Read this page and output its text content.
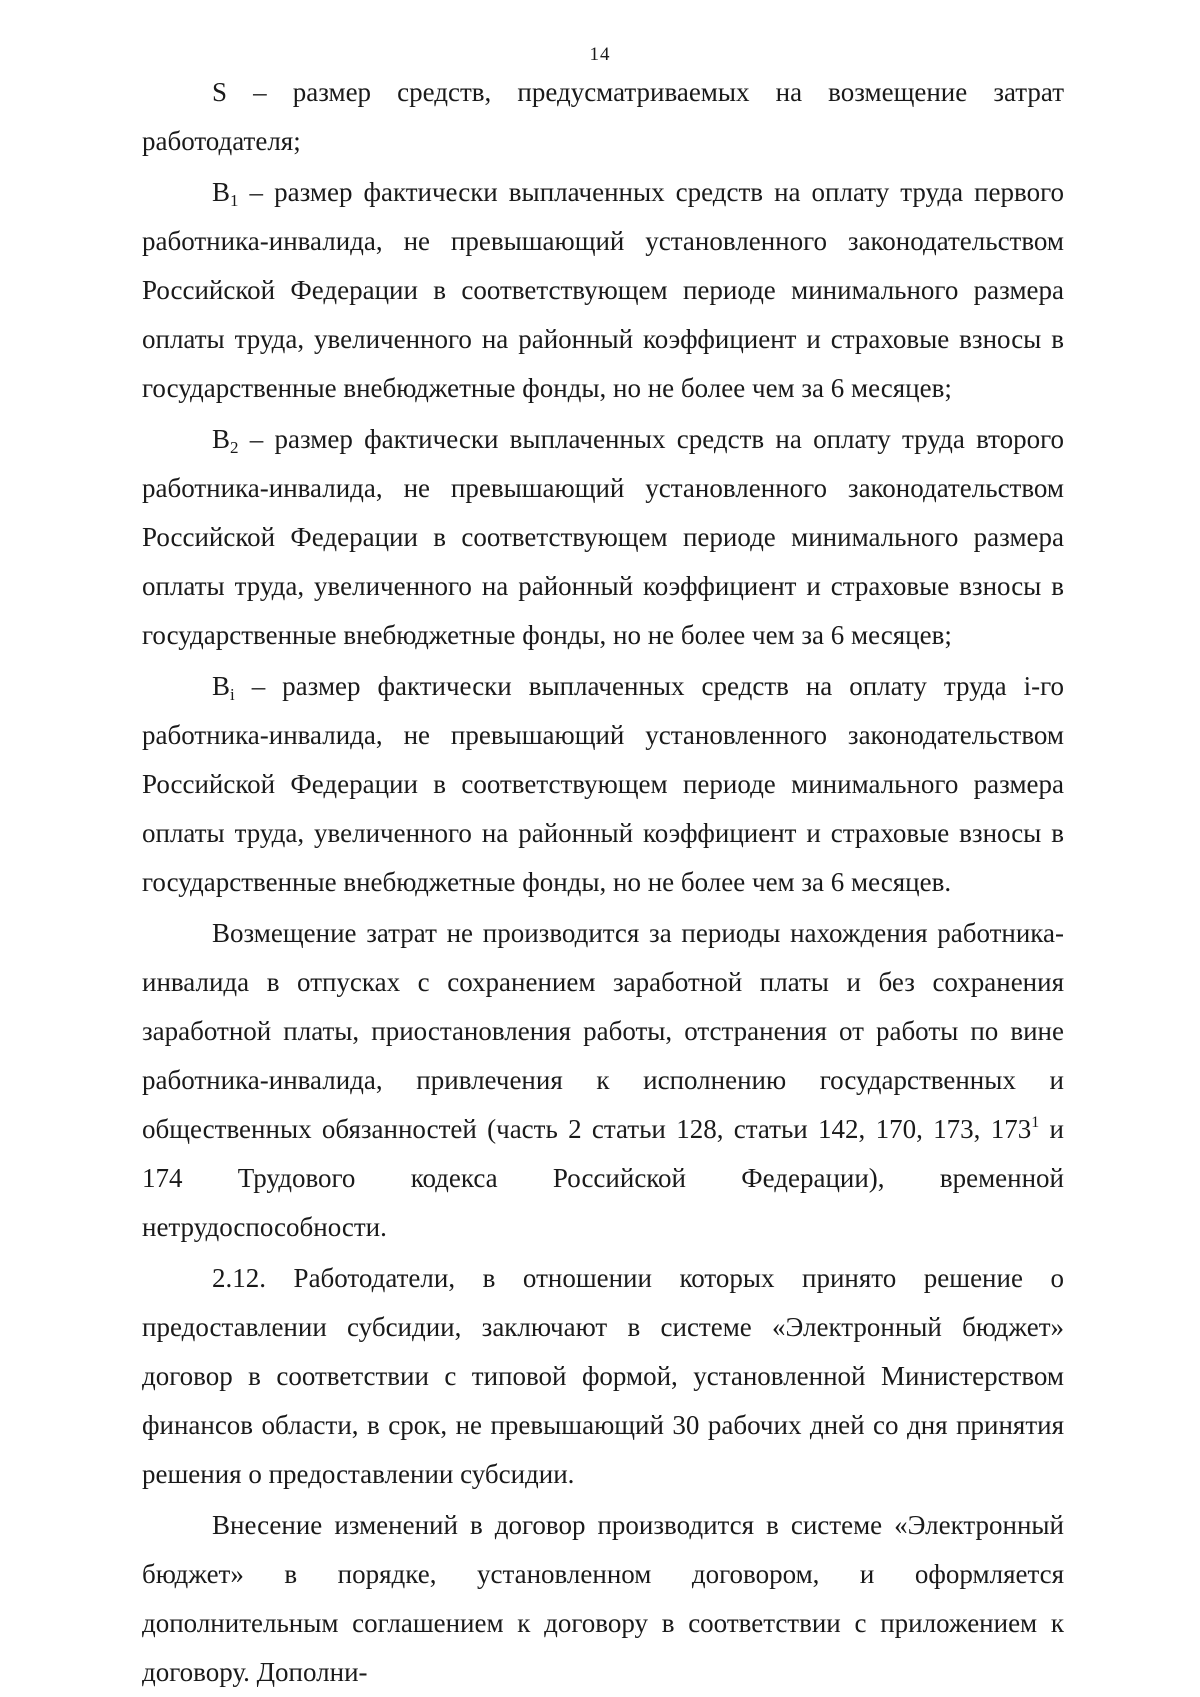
14

S – размер средств, предусматриваемых на возмещение затрат работодателя;

$B_1$ – размер фактически выплаченных средств на оплату труда первого работника-инвалида, не превышающий установленного законодательством Российской Федерации в соответствующем периоде минимального размера оплаты труда, увеличенного на районный коэффициент и страховые взносы в государственные внебюджетные фонды, но не более чем за 6 месяцев;

$B_2$ – размер фактически выплаченных средств на оплату труда второго работника-инвалида, не превышающий установленного законодательством Российской Федерации в соответствующем периоде минимального размера оплаты труда, увеличенного на районный коэффициент и страховые взносы в государственные внебюджетные фонды, но не более чем за 6 месяцев;

$B_i$ – размер фактически выплаченных средств на оплату труда i-го работника-инвалида, не превышающий установленного законодательством Российской Федерации в соответствующем периоде минимального размера оплаты труда, увеличенного на районный коэффициент и страховые взносы в государственные внебюджетные фонды, но не более чем за 6 месяцев.

Возмещение затрат не производится за периоды нахождения работника-инвалида в отпусках с сохранением заработной платы и без сохранения заработной платы, приостановления работы, отстранения от работы по вине работника-инвалида, привлечения к исполнению государственных и общественных обязанностей (часть 2 статьи 128, статьи 142, 170, 173, $173^1$ и 174 Трудового кодекса Российской Федерации), временной нетрудоспособности.

2.12. Работодатели, в отношении которых принято решение о предоставлении субсидии, заключают в системе «Электронный бюджет» договор в соответствии с типовой формой, установленной Министерством финансов области, в срок, не превышающий 30 рабочих дней со дня принятия решения о предоставлении субсидии.

Внесение изменений в договор производится в системе «Электронный бюджет» в порядке, установленном договором, и оформляется дополнительным соглашением к договору в соответствии с приложением к договору. Дополни-
